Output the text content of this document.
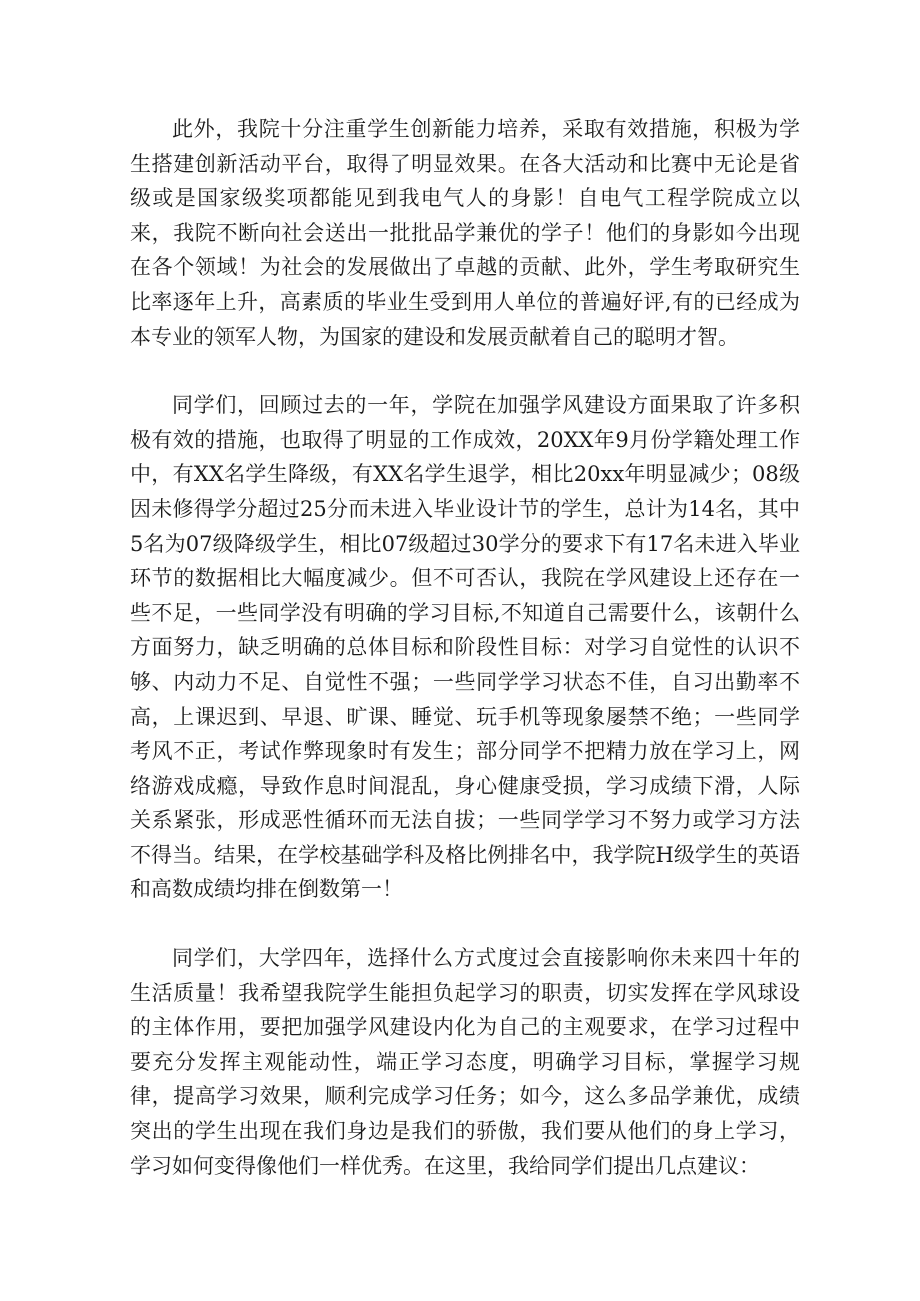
此外，我院十分注重学生创新能力培养，采取有效措施，积极为学生搭建创新活动平台，取得了明显效果。在各大活动和比赛中无论是省级或是国家级奖项都能见到我电气人的身影！自电气工程学院成立以来，我院不断向社会送出一批批品学兼优的学子！他们的身影如今出现在各个领域！为社会的发展做出了卓越的贡献、此外，学生考取研究生比率逐年上升，高素质的毕业生受到用人单位的普遍好评,有的已经成为本专业的领军人物，为国家的建设和发展贡献着自己的聪明才智。

同学们，回顾过去的一年，学院在加强学风建设方面果取了许多积极有效的措施，也取得了明显的工作成效，20XX年9月份学籍处理工作中，有XX名学生降级，有XX名学生退学，相比20xx年明显减少；08级因未修得学分超过25分而未进入毕业设计节的学生，总计为14名，其中5名为07级降级学生，相比07级超过30学分的要求下有17名未进入毕业环节的数据相比大幅度减少。但不可否认，我院在学风建设上还存在一些不足，一些同学没有明确的学习目标,不知道自己需要什么，该朝什么方面努力，缺乏明确的总体目标和阶段性目标：对学习自觉性的认识不够、内动力不足、自觉性不强；一些同学学习状态不佳，自习出勤率不高，上课迟到、早退、旷课、睡觉、玩手机等现象屡禁不绝；一些同学考风不正，考试作弊现象时有发生；部分同学不把精力放在学习上，网络游戏成瘾，导致作息时间混乱，身心健康受损，学习成绩下滑，人际关系紧张，形成恶性循环而无法自拔；一些同学学习不努力或学习方法不得当。结果，在学校基础学科及格比例排名中，我学院H级学生的英语和高数成绩均排在倒数第一！

同学们，大学四年，选择什么方式度过会直接影响你未来四十年的生活质量！我希望我院学生能担负起学习的职责，切实发挥在学风球设的主体作用，要把加强学风建设内化为自己的主观要求，在学习过程中要充分发挥主观能动性，端正学习态度，明确学习目标，掌握学习规律，提高学习效果，顺利完成学习任务；如今，这么多品学兼优，成绩突出的学生出现在我们身边是我们的骄傲，我们要从他们的身上学习，学习如何变得像他们一样优秀。在这里，我给同学们提出几点建议：
